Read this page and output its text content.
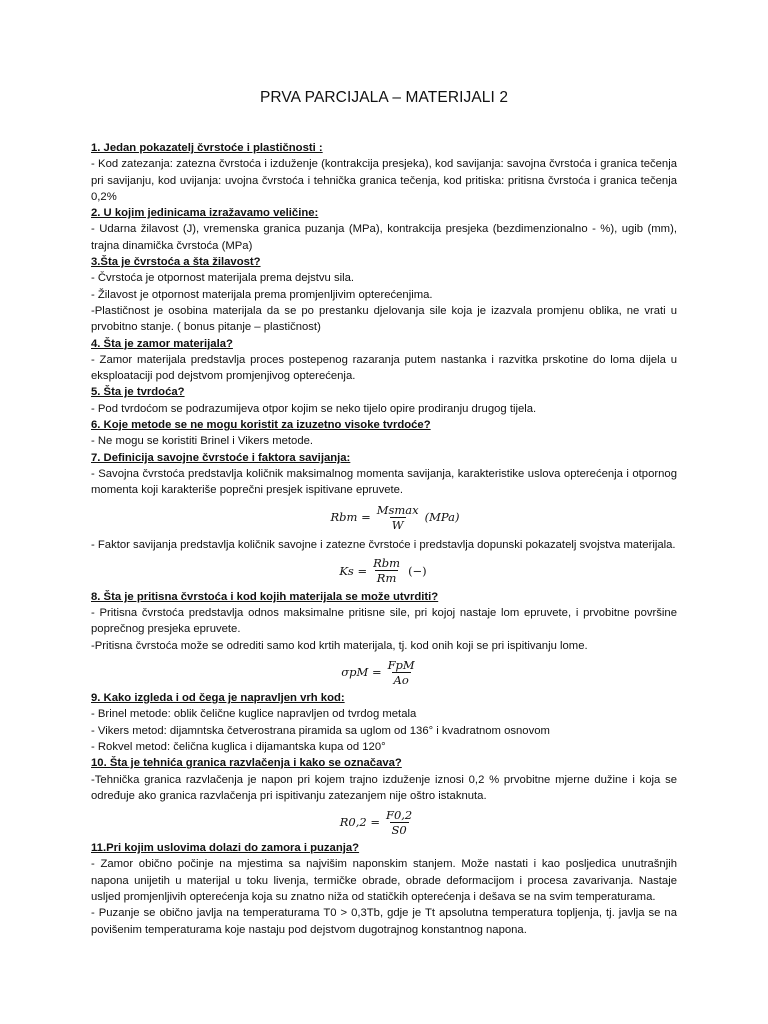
PRVA PARCIJALA – MATERIJALI 2
1. Jedan pokazatelj čvrstoće i plastičnosti :

- Kod zatezanja: zatezna čvrstoća i izduženje (kontrakcija presjeka), kod savijanja: savojna čvrstoća i granica tečenja pri savijanju, kod uvijanja: uvojna čvrstoća i tehnička granica tečenja, kod pritiska: pritisna čvrstoća i granica tečenja 0,2%

2. U kojim jedinicama izražavamo veličine:

- Udarna žilavost (J), vremenska granica puzanja (MPa), kontrakcija presjeka (bezdimenzionalno - %), ugib (mm), trajna dinamička čvrstoća (MPa)

3.Šta je čvrstoća a šta žilavost?

- Čvrstoća je otpornost materijala prema dejstvu sila.

- Žilavost je otpornost materijala prema promjenljivim opterećenjima.

-Plastičnost je osobina materijala da se po prestanku djelovanja sile koja je izazvala promjenu oblika, ne vrati u prvobitno stanje. ( bonus pitanje – plastičnost)

4. Šta je zamor materijala?

- Zamor materijala predstavlja proces postepenog razaranja putem nastanka i razvitka prskotine do loma dijela u eksploataciji pod dejstvom promjenjivog opterećenja.

5. Šta je tvrdoća?

- Pod tvrdoćom se podrazumijeva otpor kojim se neko tijelo opire prodiranju drugog tijela.

6. Koje metode se ne mogu koristit za izuzetno visoke tvrdoće?

- Ne mogu se koristiti Brinel i Vikers metode.

7. Definicija savojne čvrstoće i faktora savijanja:

- Savojna čvrstoća predstavlja količnik maksimalnog momenta savijanja, karakteristike uslova opterećenja i otpornog momenta koji karakteriše poprečni presjek ispitivane epruvete.

Rbm = $\frac{Msmax}{W} (MPa)$

- Faktor savijanja predstavlja količnik savojne i zatezne čvrstoće i predstavlja dopunski pokazatelj svojstva materijala.

$Ks = \frac{\text{Rbm}}{Rm}$ (−)
8. Šta je pritisna čvrstoća i kod kojih materijala se može utvrditi?

- Pritisna čvrstoća predstavlja odnos maksimalne pritisne sile, pri kojoj nastaje lom epruvete, i prvobitne površine poprečnog presjeka epruvete.

-Pritisna čvrstoća može se odrediti samo kod krtih materijala, tj. kod onih koji se pri ispitivanju lome.

$\sigma pM = \frac{\text{FpM}}{Ao}$
9. Kako izgleda i od čega je napravljen vrh kod:

- Brinel metode: oblik čelične kuglice napravljen od tvrdog metala

- Vikers metod: dijamntska četverostrana piramida sa uglom od 136° i kvadratnom osnovom

- Rokvel metod: čelična kuglica i dijamantska kupa od 120°

10. Šta je tehnića granica razvlačenja i kako se označava?

-Tehnička granica razvlačenja je napon pri kojem trajno izduženje iznosi 0,2 % prvobitne mjerne dužine i koja se određuje ako granica razvlačenja pri ispitivanju zatezanjem nije oštro istaknuta.

$R0,2 = \frac{F0,2}{S0}$
11.Pri kojim uslovima dolazi do zamora i puzanja?

- Zamor obično počinje na mjestima sa najvišim naponskim stanjem. Može nastati i kao posljedica unutrašnjih napona unijetih u materijal u toku livenja, termičke obrade, obrade deformacijom i procesa zavarivanja. Nastaje uslјed promjenljivih opterećenja koja su znatno niža od statičkih opterećenja i dešava se na svim temperaturama.

- Puzanje se obično javlja na temperaturama T0 > 0,3Tb, gdje je Tt apsolutna temperatura topljenja, tj. javlja se na povišenim temperaturama koje nastaju pod dejstvom dugotrajnog konstantnog napona.
